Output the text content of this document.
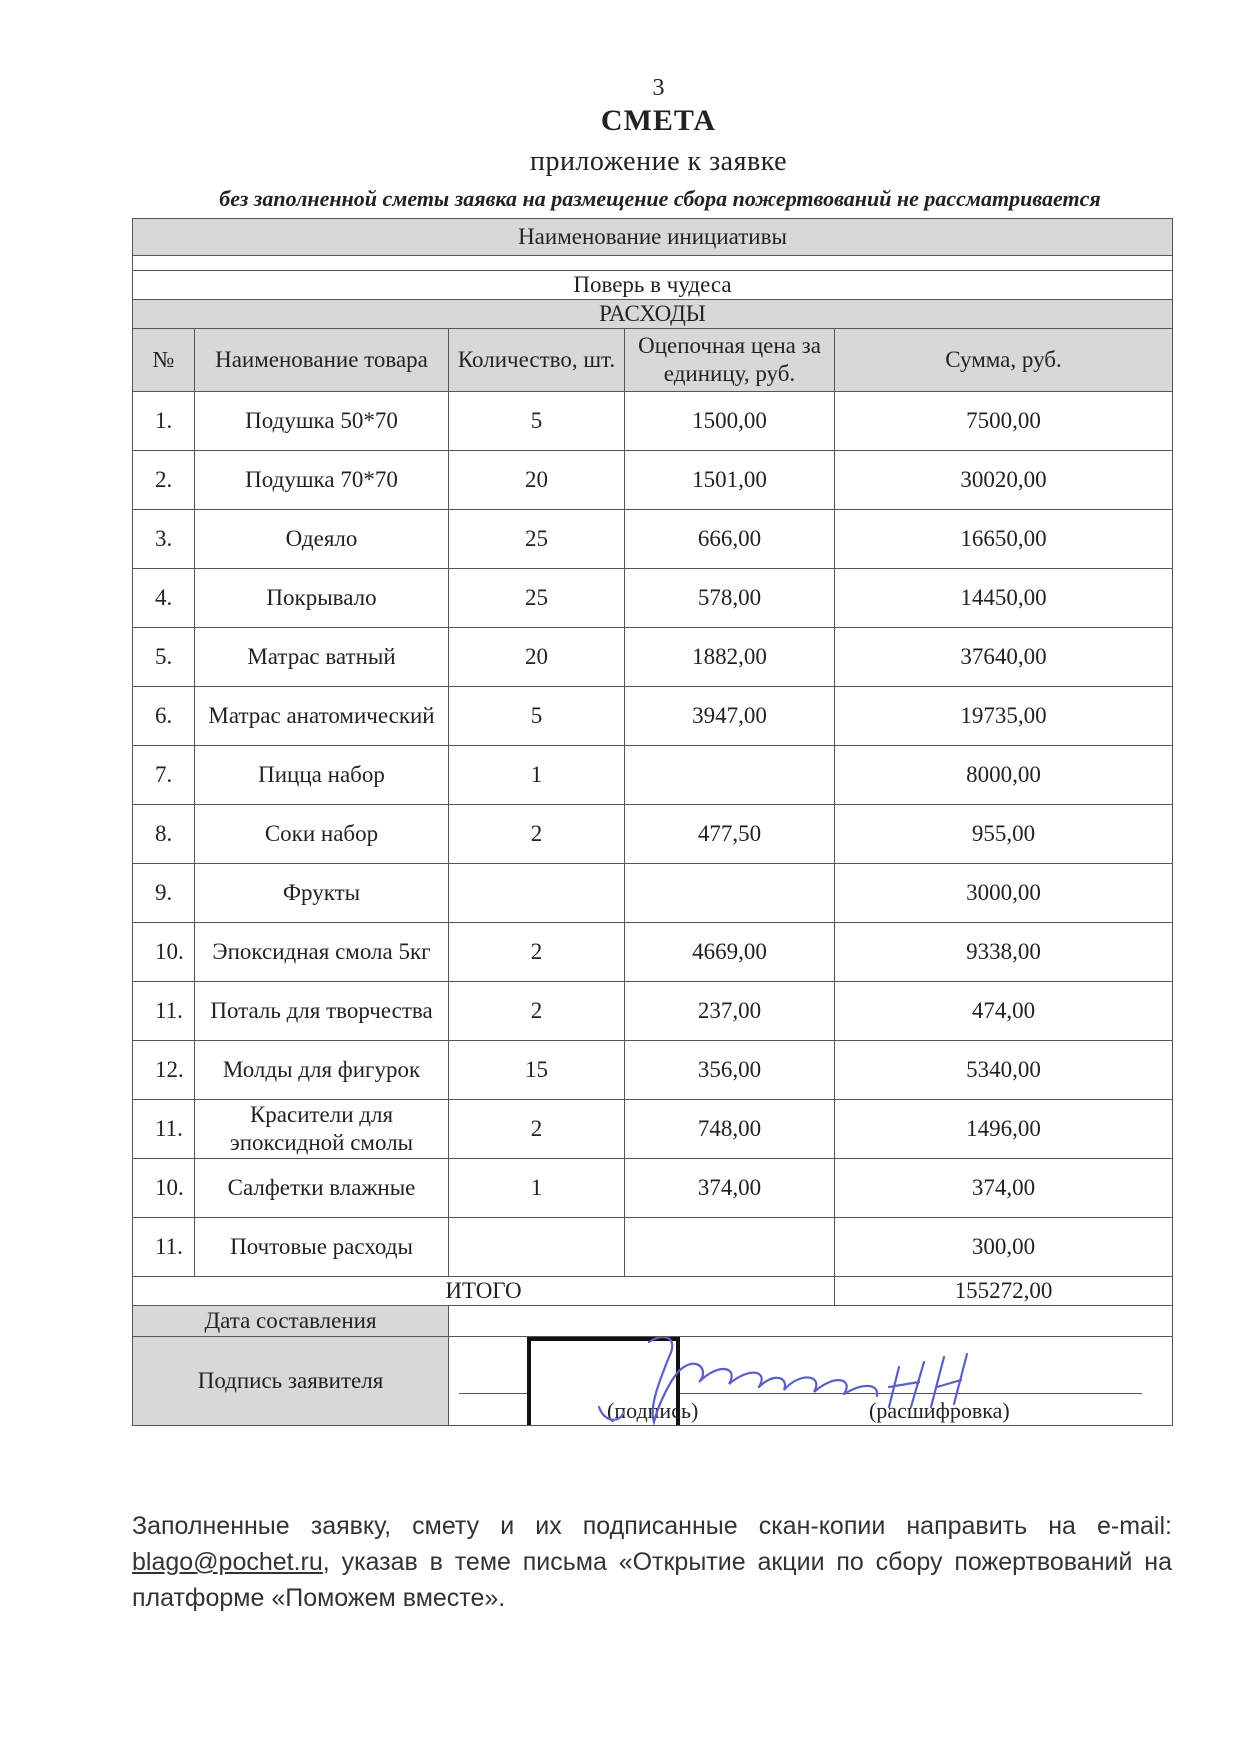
3
СМЕТА
приложение к заявке
без заполненной сметы заявка на размещение сбора пожертвований не рассматривается
Наименование инициативы				

Поверь в чудеса				
РАСХОДЫ				
№	Наименование товара	Количество, шт.	Оцепочная цена за единицу, руб.	Сумма, руб.
1.	Подушка 50*70	5	1500,00	7500,00
2.	Подушка 70*70	20	1501,00	30020,00
3.	Одеяло	25	666,00	16650,00
4.	Покрывало	25	578,00	14450,00
5.	Матрас ватный	20	1882,00	37640,00
6.	Матрас анатомический	5	3947,00	19735,00
7.	Пицца набор	1		8000,00
8.	Соки набор	2	477,50	955,00
9.	Фрукты			3000,00
10.	Эпоксидная смола 5кг	2	4669,00	9338,00
11.	Поталь для творчества	2	237,00	474,00
12.	Молды для фигурок	15	356,00	5340,00
11.	Красители для эпоксидной смолы	2	748,00	1496,00
10.	Салфетки влажные	1	374,00	374,00
11.	Почтовые расходы			300,00
ИТОГО				155272,00
Дата составления				
Подпись заявителя		(подпись) (расшифровка)		
Заполненные заявку, смету и их подписанные скан-копии направить на e-mail: blago@pochet.ru, указав в теме письма «Открытие акции по сбору пожертвований на платформе «Поможем вместе».
